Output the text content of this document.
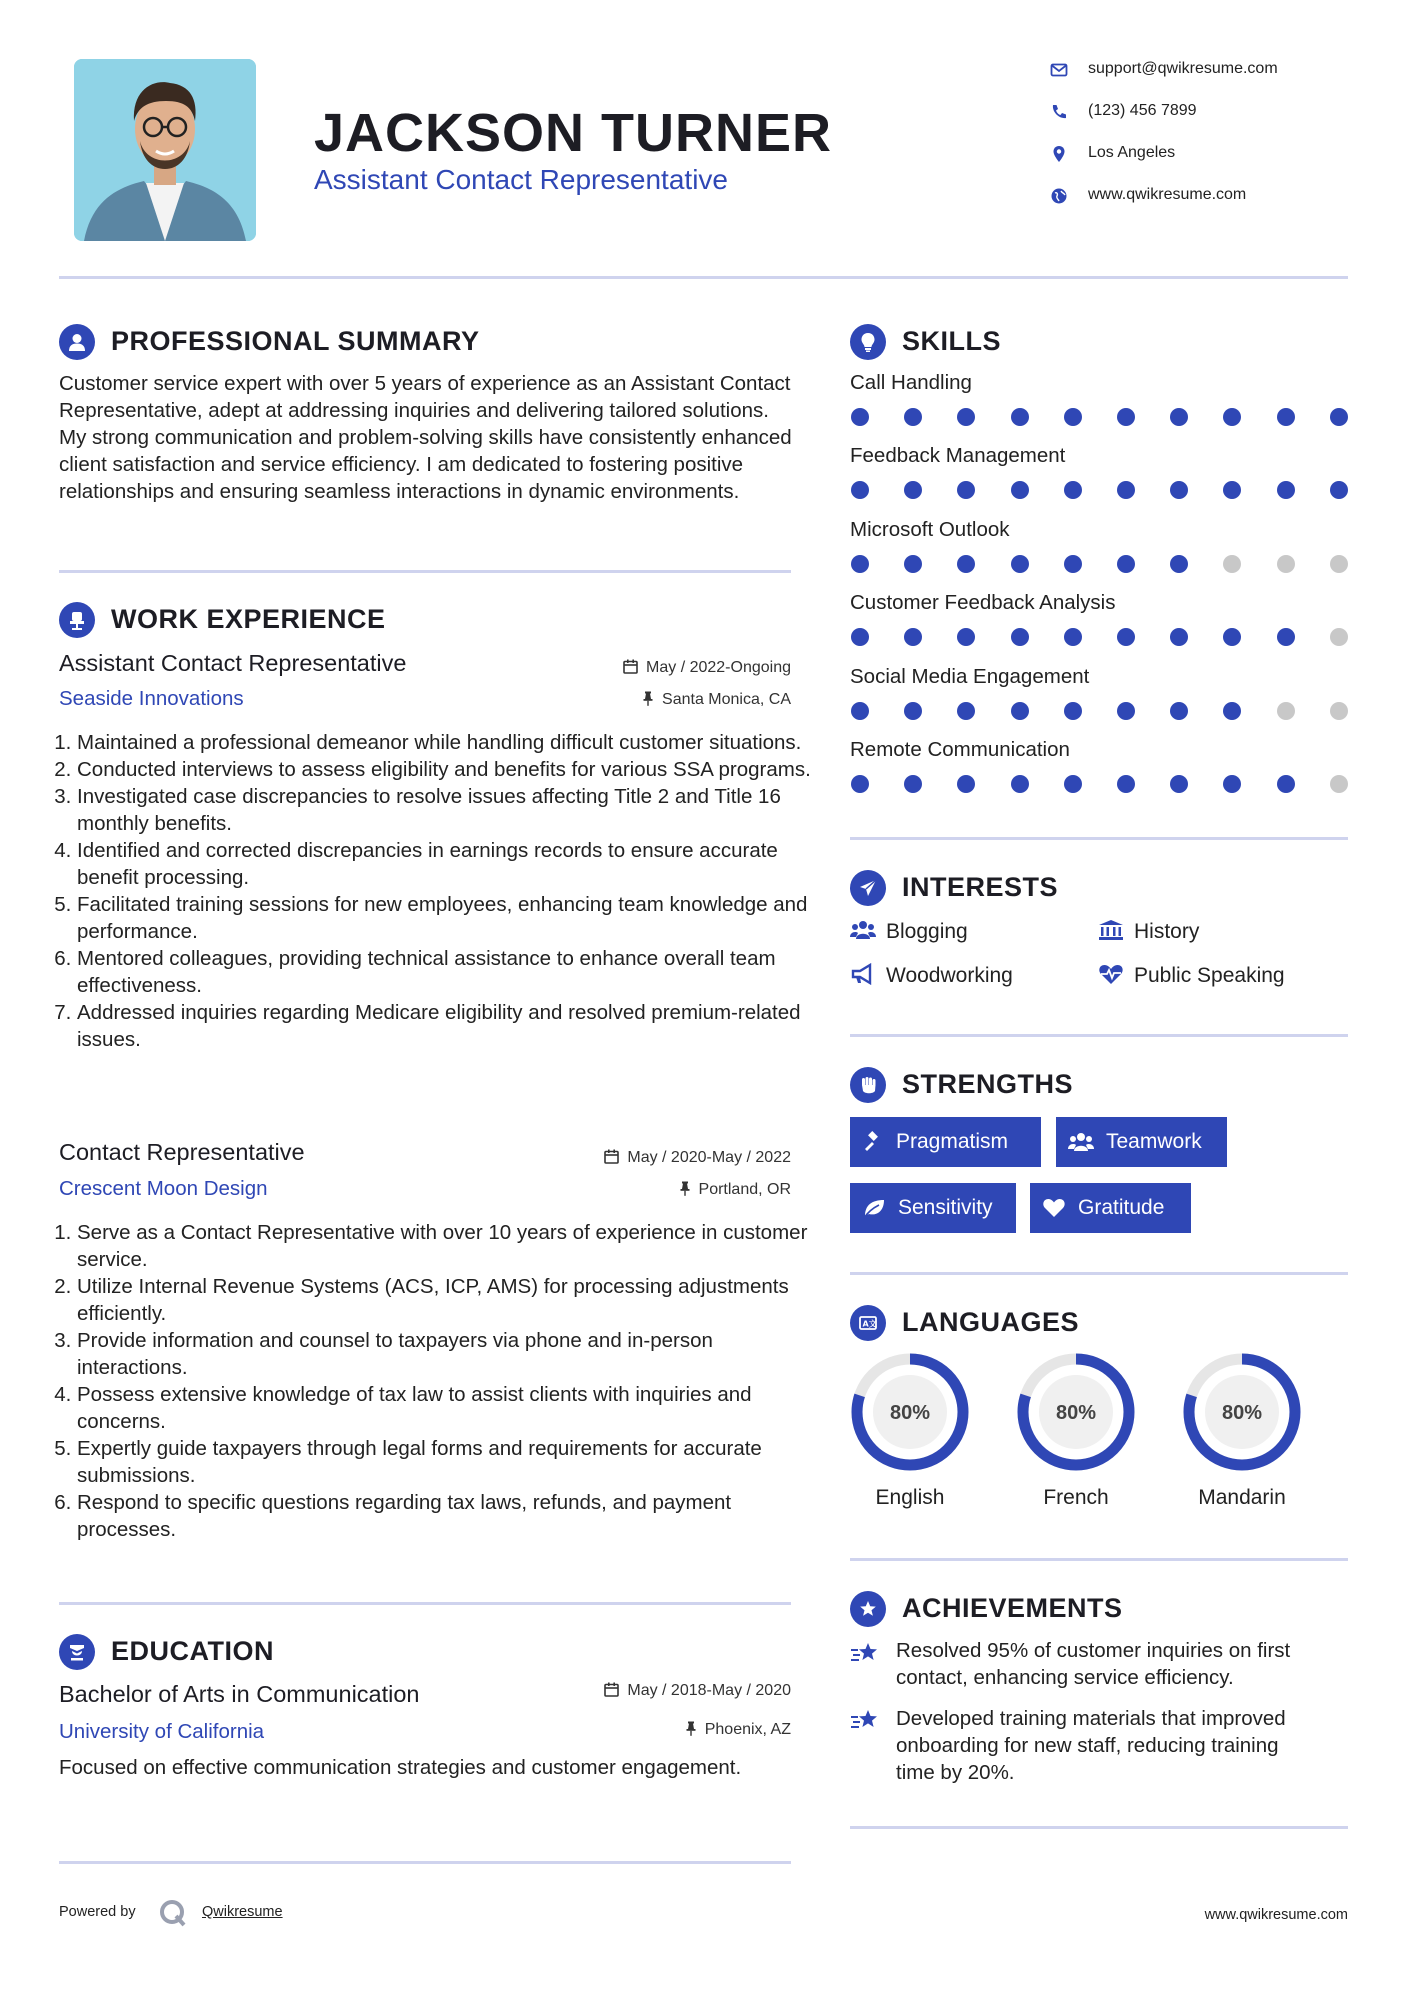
JACKSON TURNER
Assistant Contact Representative
support@qwikresume.com
(123) 456 7899
Los Angeles
www.qwikresume.com
PROFESSIONAL SUMMARY
Customer service expert with over 5 years of experience as an Assistant Contact Representative, adept at addressing inquiries and delivering tailored solutions. My strong communication and problem-solving skills have consistently enhanced client satisfaction and service efficiency. I am dedicated to fostering positive relationships and ensuring seamless interactions in dynamic environments.
WORK EXPERIENCE
Assistant Contact Representative
Seaside Innovations
May / 2022-Ongoing
Santa Monica, CA
1. Maintained a professional demeanor while handling difficult customer situations.
2. Conducted interviews to assess eligibility and benefits for various SSA programs.
3. Investigated case discrepancies to resolve issues affecting Title 2 and Title 16 monthly benefits.
4. Identified and corrected discrepancies in earnings records to ensure accurate benefit processing.
5. Facilitated training sessions for new employees, enhancing team knowledge and performance.
6. Mentored colleagues, providing technical assistance to enhance overall team effectiveness.
7. Addressed inquiries regarding Medicare eligibility and resolved premium-related issues.
Contact Representative
Crescent Moon Design
May / 2020-May / 2022
Portland, OR
1. Serve as a Contact Representative with over 10 years of experience in customer service.
2. Utilize Internal Revenue Systems (ACS, ICP, AMS) for processing adjustments efficiently.
3. Provide information and counsel to taxpayers via phone and in-person interactions.
4. Possess extensive knowledge of tax law to assist clients with inquiries and concerns.
5. Expertly guide taxpayers through legal forms and requirements for accurate submissions.
6. Respond to specific questions regarding tax laws, refunds, and payment processes.
EDUCATION
Bachelor of Arts in Communication
University of California
May / 2018-May / 2020
Phoenix, AZ
Focused on effective communication strategies and customer engagement.
SKILLS
Call Handling
Feedback Management
Microsoft Outlook
Customer Feedback Analysis
Social Media Engagement
Remote Communication
INTERESTS
Blogging	History
Woodworking	Public Speaking
STRENGTHS
Pragmatism	Teamwork
Sensitivity	Gratitude
A文 LANGUAGES
80%
English
80%
French
80%
Mandarin
ACHIEVEMENTS
Resolved 95% of customer inquiries on first contact, enhancing service efficiency.
Developed training materials that improved onboarding for new staff, reducing training time by 20%.
Powered by	Qwikresume	www.qwikresume.com
